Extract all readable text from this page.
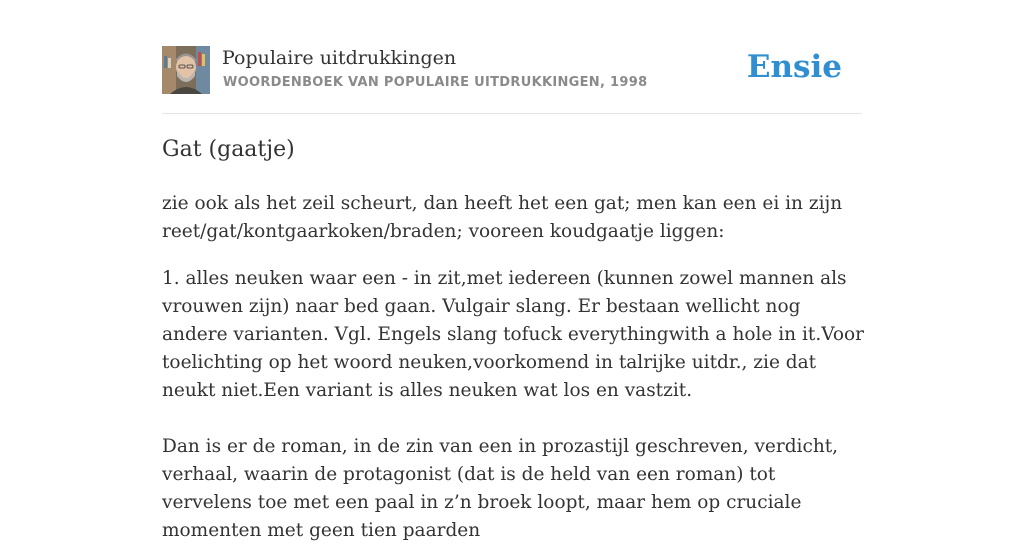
Populaire uitdrukkingen
WOORDENBOEK VAN POPULAIRE UITDRUKKINGEN, 1998	Ensie
Gat (gaatje)

zie ook als het zeil scheurt, dan heeft het een gat; men kan een ei in zijn reet/gat/kontgaarkoken/braden; vooreen koudgaatje liggen:

1. alles neuken waar een - in zit,met iedereen (kunnen zowel mannen als vrouwen zijn) naar bed gaan. Vulgair slang. Er bestaan wellicht nog andere varianten. Vgl. Engels slang tofuck everythingwith a hole in it.Voor toelichting op het woord neuken,voorkomend in talrijke uitdr., zie dat neukt niet.Een variant is alles neuken wat los en vastzit.

Dan is er de roman, in de zin van een in prozastijl geschreven, verdicht, verhaal, waarin de protagonist (dat is de held van een roman) tot vervelens toe met een paal in z’n broek loopt, maar hem op cruciale momenten met geen tien paarden
